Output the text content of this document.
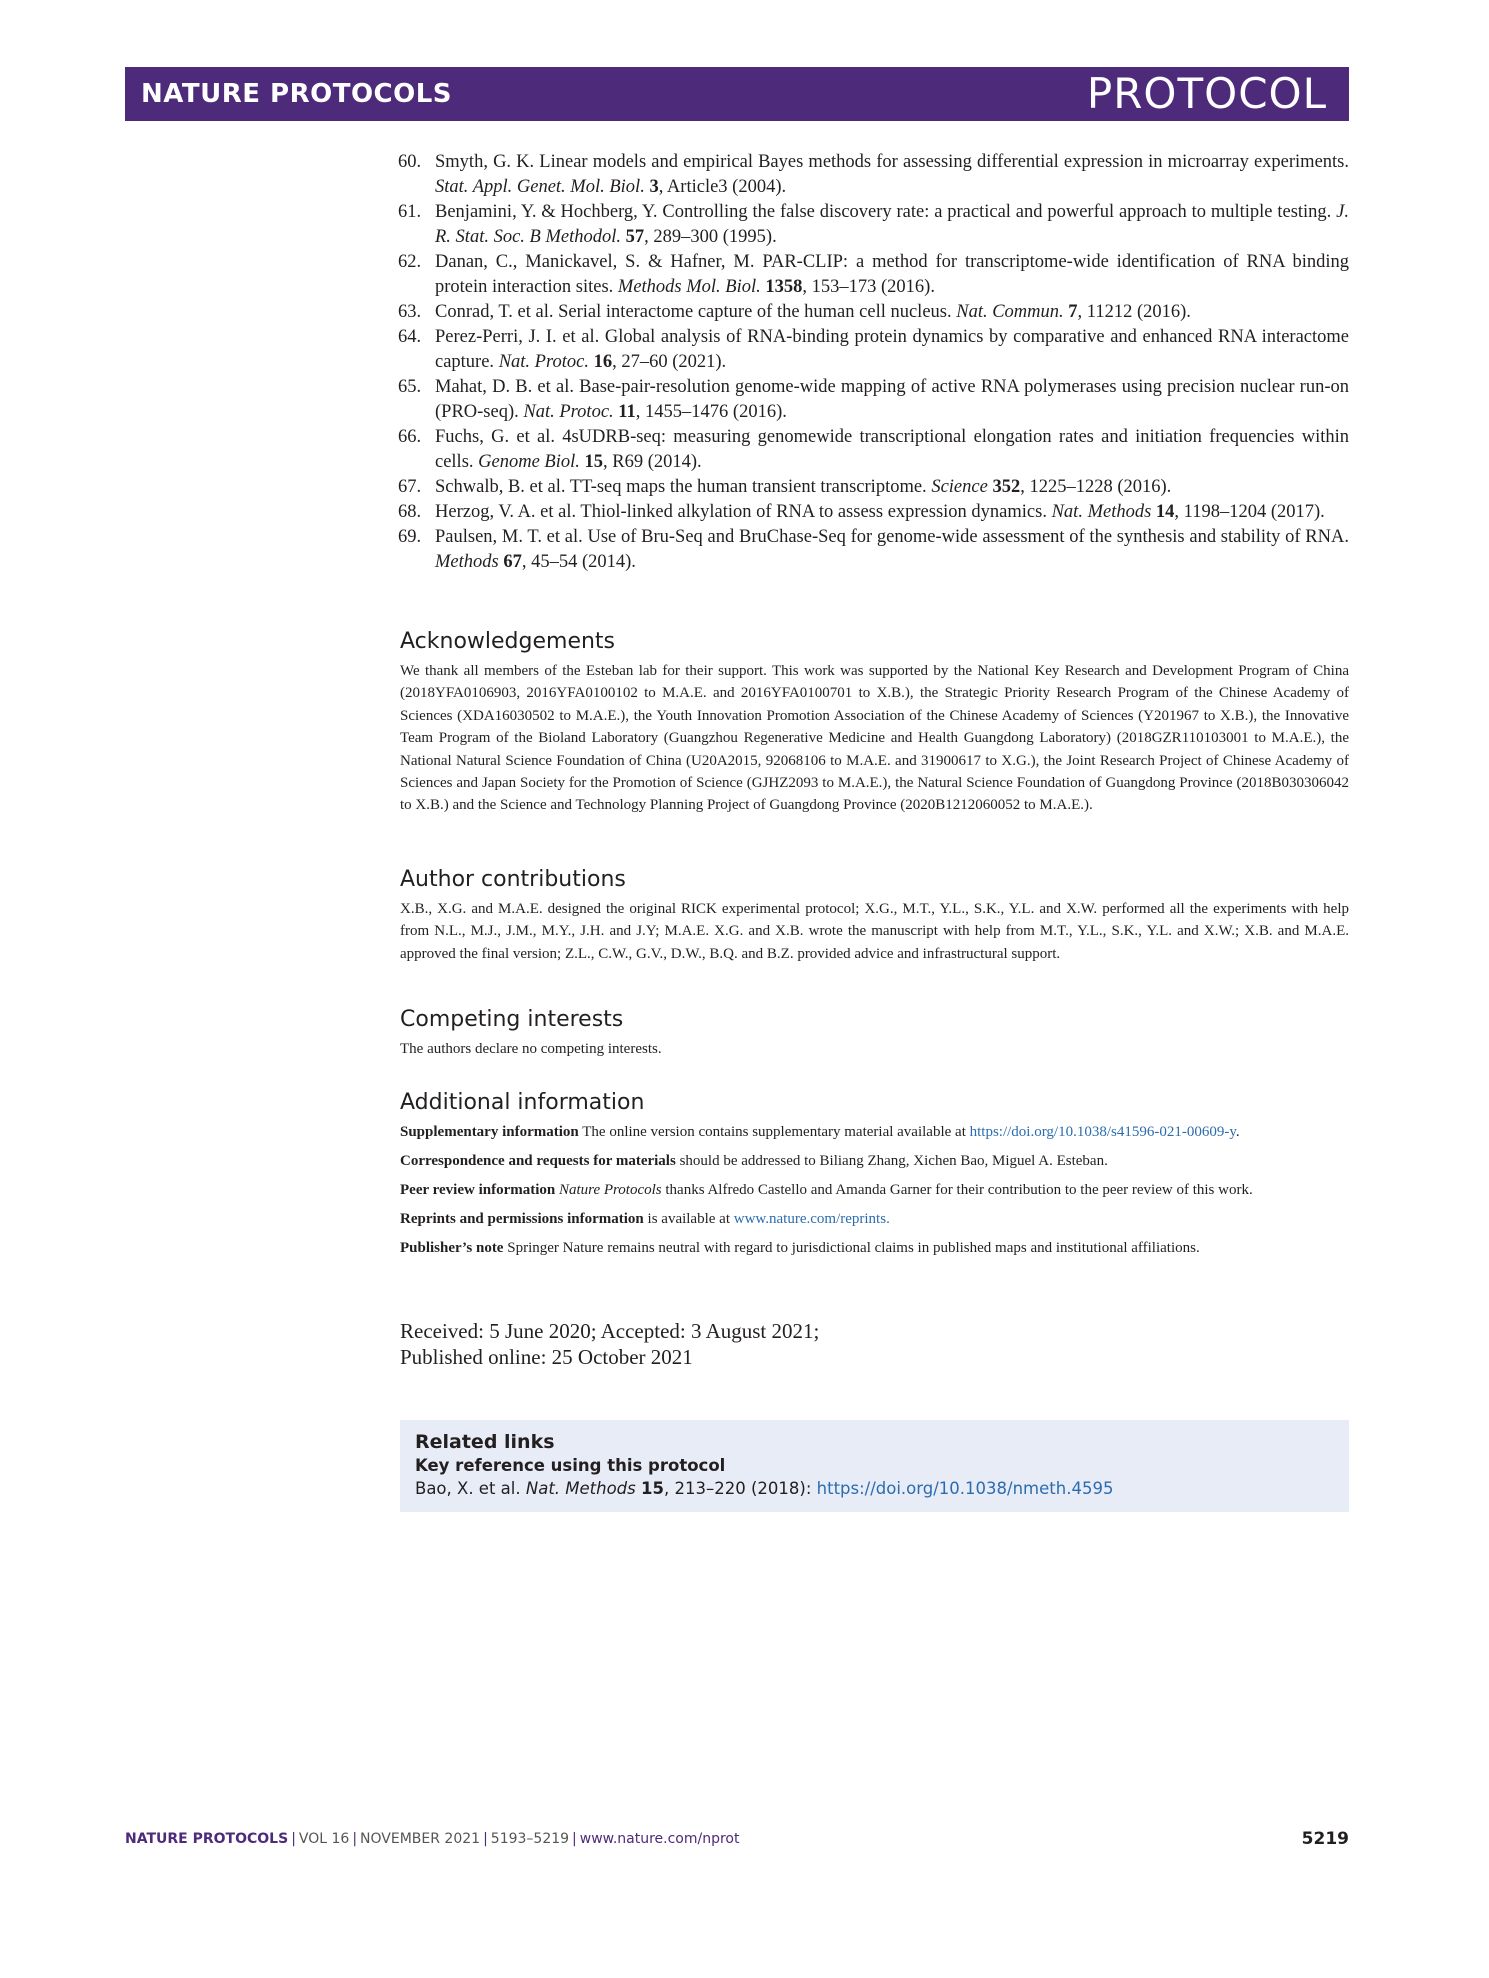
NATURE PROTOCOLS	PROTOCOL
60. Smyth, G. K. Linear models and empirical Bayes methods for assessing differential expression in microarray experiments. Stat. Appl. Genet. Mol. Biol. 3, Article3 (2004).
61. Benjamini, Y. & Hochberg, Y. Controlling the false discovery rate: a practical and powerful approach to multiple testing. J. R. Stat. Soc. B Methodol. 57, 289–300 (1995).
62. Danan, C., Manickavel, S. & Hafner, M. PAR-CLIP: a method for transcriptome-wide identification of RNA binding protein interaction sites. Methods Mol. Biol. 1358, 153–173 (2016).
63. Conrad, T. et al. Serial interactome capture of the human cell nucleus. Nat. Commun. 7, 11212 (2016).
64. Perez-Perri, J. I. et al. Global analysis of RNA-binding protein dynamics by comparative and enhanced RNA interactome capture. Nat. Protoc. 16, 27–60 (2021).
65. Mahat, D. B. et al. Base-pair-resolution genome-wide mapping of active RNA polymerases using precision nuclear run-on (PRO-seq). Nat. Protoc. 11, 1455–1476 (2016).
66. Fuchs, G. et al. 4sUDRB-seq: measuring genomewide transcriptional elongation rates and initiation frequencies within cells. Genome Biol. 15, R69 (2014).
67. Schwalb, B. et al. TT-seq maps the human transient transcriptome. Science 352, 1225–1228 (2016).
68. Herzog, V. A. et al. Thiol-linked alkylation of RNA to assess expression dynamics. Nat. Methods 14, 1198–1204 (2017).
69. Paulsen, M. T. et al. Use of Bru-Seq and BruChase-Seq for genome-wide assessment of the synthesis and stability of RNA. Methods 67, 45–54 (2014).
Acknowledgements

We thank all members of the Esteban lab for their support. This work was supported by the National Key Research and Development Program of China (2018YFA0106903, 2016YFA0100102 to M.A.E. and 2016YFA0100701 to X.B.), the Strategic Priority Research Program of the Chinese Academy of Sciences (XDA16030502 to M.A.E.), the Youth Innovation Promotion Association of the Chinese Academy of Sciences (Y201967 to X.B.), the Innovative Team Program of the Bioland Laboratory (Guangzhou Regenerative Medicine and Health Guangdong Laboratory) (2018GZR110103001 to M.A.E.), the National Natural Science Foundation of China (U20A2015, 92068106 to M.A.E. and 31900617 to X.G.), the Joint Research Project of Chinese Academy of Sciences and Japan Society for the Promotion of Science (GJHZ2093 to M.A.E.), the Natural Science Foundation of Guangdong Province (2018B030306042 to X.B.) and the Science and Technology Planning Project of Guangdong Province (2020B1212060052 to M.A.E.).

Author contributions

X.B., X.G. and M.A.E. designed the original RICK experimental protocol; X.G., M.T., Y.L., S.K., Y.L. and X.W. performed all the experiments with help from N.L., M.J., J.M., M.Y., J.H. and J.Y; M.A.E. X.G. and X.B. wrote the manuscript with help from M.T., Y.L., S.K., Y.L. and X.W.; X.B. and M.A.E. approved the final version; Z.L., C.W., G.V., D.W., B.Q. and B.Z. provided advice and infrastructural support.

Competing interests

The authors declare no competing interests.

Additional information

Supplementary information The online version contains supplementary material available at https://doi.org/10.1038/s41596-021-00609-y.

Correspondence and requests for materials should be addressed to Biliang Zhang, Xichen Bao, Miguel A. Esteban.

Peer review information Nature Protocols thanks Alfredo Castello and Amanda Garner for their contribution to the peer review of this work.

Reprints and permissions information is available at www.nature.com/reprints.

Publisher’s note Springer Nature remains neutral with regard to jurisdictional claims in published maps and institutional affiliations.

Received: 5 June 2020; Accepted: 3 August 2021;
Published online: 25 October 2021
Related links
Key reference using this protocol
Bao, X. et al. Nat. Methods 15, 213–220 (2018): https://doi.org/10.1038/nmeth.4595
NATURE PROTOCOLS | VOL 16 | NOVEMBER 2021 | 5193–5219 | www.nature.com/nprot	5219
